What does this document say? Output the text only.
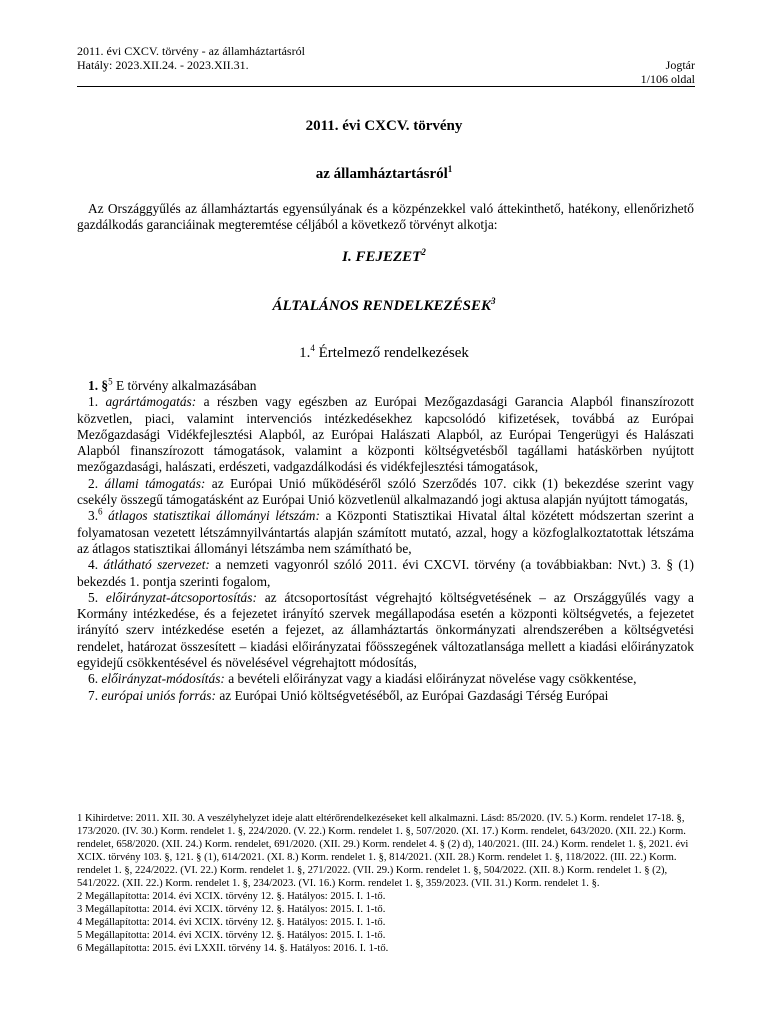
2011. évi CXCV. törvény - az államháztartásról
Hatály: 2023.XII.24. - 2023.XII.31.	Jogtár
1/106 oldal
2011. évi CXCV. törvény
az államháztartásról$^1$

Az Országgyűlés az államháztartás egyensúlyának és a közpénzekkel való áttekinthető, hatékony, ellenőrizhető gazdálkodás garanciáinak megteremtése céljából a következő törvényt alkotja:

I. FEJEZET$^2$
ÁLTALÁNOS RENDELKEZÉSEK$^3$
1.$^4$ Értelmező rendelkezések

1. §$^5$ E törvény alkalmazásában

1. agrártámogatás: a részben vagy egészben az Európai Mezőgazdasági Garancia Alapból finanszírozott közvetlen, piaci, valamint intervenciós intézkedésekhez kapcsolódó kifizetések, továbbá az Európai Mezőgazdasági Vidékfejlesztési Alapból, az Európai Halászati Alapból, az Európai Tengerügyi és Halászati Alapból finanszírozott támogatások, valamint a központi költségvetésből tagállami hatáskörben nyújtott mezőgazdasági, halászati, erdészeti, vadgazdálkodási és vidékfejlesztési támogatások,

2. állami támogatás: az Európai Unió működéséről szóló Szerződés 107. cikk (1) bekezdése szerint vagy csekély összegű támogatásként az Európai Unió közvetlenül alkalmazandó jogi aktusa alapján nyújtott támogatás,

3.$^6$ átlagos statisztikai állományi létszám: a Központi Statisztikai Hivatal által közétett módszertan szerint a folyamatosan vezetett létszámnyilvántartás alapján számított mutató, azzal, hogy a közfoglalkoztatottak létszáma az átlagos statisztikai állományi létszámba nem számítható be,

4. átlátható szervezet: a nemzeti vagyonról szóló 2011. évi CXCVI. törvény (a továbbiakban: Nvt.) 3. § (1) bekezdés 1. pontja szerinti fogalom,

5. előirányzat-átcsoportosítás: az átcsoportosítást végrehajtó költségvetésének – az Országgyűlés vagy a Kormány intézkedése, és a fejezetet irányító szervek megállapodása esetén a központi költségvetés, a fejezetet irányító szerv intézkedése esetén a fejezet, az államháztartás önkormányzati alrendszerében a költségvetési rendelet, határozat összesített – kiadási előirányzatai főösszegének változatlansága mellett a kiadási előirányzatok egyidejű csökkentésével és növelésével végrehajtott módosítás,

6. előirányzat-módosítás: a bevételi előirányzat vagy a kiadási előirányzat növelése vagy csökkentése,

7. európai uniós forrás: az Európai Unió költségvetéséből, az Európai Gazdasági Térség Európai

1 Kihirdetve: 2011. XII. 30. A veszélyhelyzet ideje alatt eltérőrendelkezéseket kell alkalmazni. Lásd: 85/2020. (IV. 5.) Korm. rendelet 17-18. §, 173/2020. (IV. 30.) Korm. rendelet 1. §, 224/2020. (V. 22.) Korm. rendelet 1. §, 507/2020. (XI. 17.) Korm. rendelet, 643/2020. (XII. 22.) Korm. rendelet, 658/2020. (XII. 24.) Korm. rendelet, 691/2020. (XII. 29.) Korm. rendelet 4. § (2) d), 140/2021. (III. 24.) Korm. rendelet 1. §, 2021. évi XCIX. törvény 103. §, 121. § (1), 614/2021. (XI. 8.) Korm. rendelet 1. §, 814/2021. (XII. 28.) Korm. rendelet 1. §, 118/2022. (III. 22.) Korm. rendelet 1. §, 224/2022. (VI. 22.) Korm. rendelet 1. §, 271/2022. (VII. 29.) Korm. rendelet 1. §, 504/2022. (XII. 8.) Korm. rendelet 1. § (2), 541/2022. (XII. 22.) Korm. rendelet 1. §, 234/2023. (VI. 16.) Korm. rendelet 1. §, 359/2023. (VII. 31.) Korm. rendelet 1. §.

2 Megállapította: 2014. évi XCIX. törvény 12. §. Hatályos: 2015. I. 1-tő.

3 Megállapította: 2014. évi XCIX. törvény 12. §. Hatályos: 2015. I. 1-tő.

4 Megállapította: 2014. évi XCIX. törvény 12. §. Hatályos: 2015. I. 1-tő.

5 Megállapította: 2014. évi XCIX. törvény 12. §. Hatályos: 2015. I. 1-tő.

6 Megállapította: 2015. évi LXXII. törvény 14. §. Hatályos: 2016. I. 1-tő.
